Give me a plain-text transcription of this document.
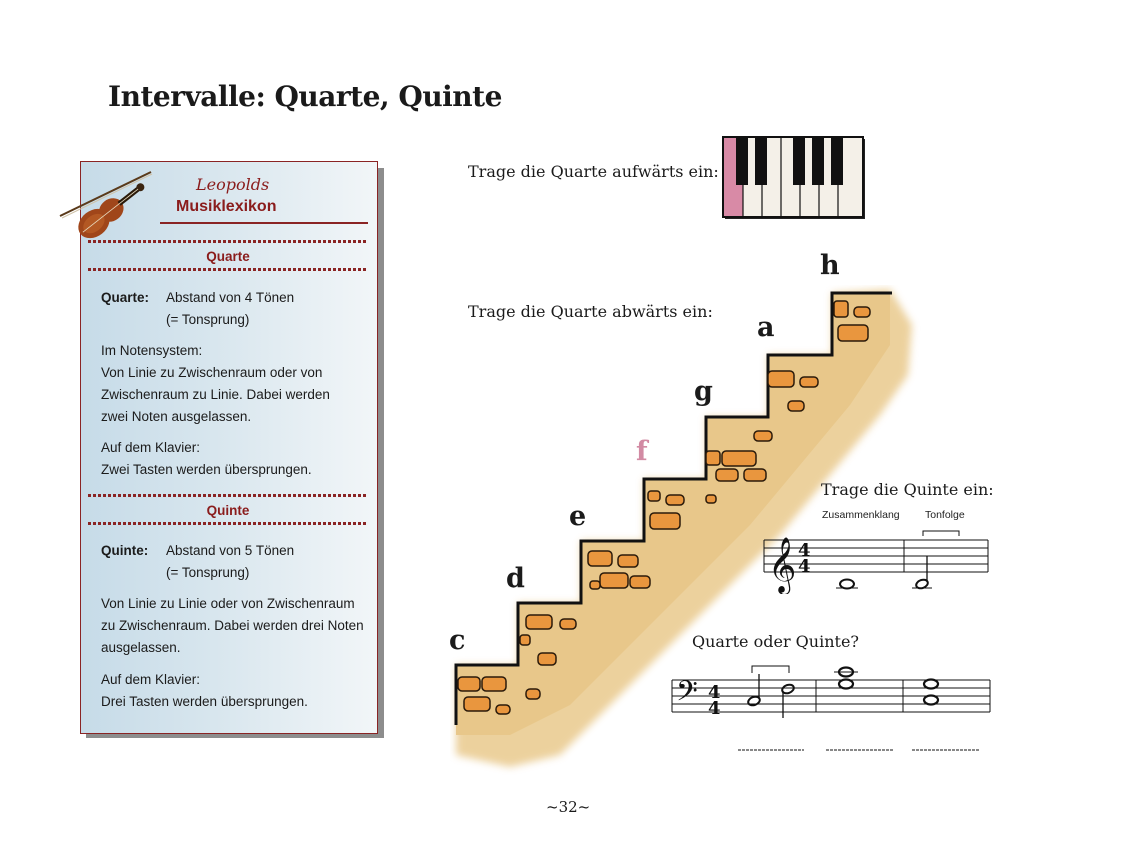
Intervalle: Quarte, Quinte
Leopolds
Musiklexikon
Quarte
Quarte: Abstand von 4 Tönen
(= Tonsprung)
Im Notensystem:
Von Linie zu Zwischenraum oder von
Zwischenraum zu Linie. Dabei werden
zwei Noten ausgelassen.
Auf dem Klavier:
Zwei Tasten werden übersprungen.
Quinte
Quinte: Abstand von 5 Tönen
(= Tonsprung)
Von Linie zu Linie oder von Zwischenraum
zu Zwischenraum. Dabei werden drei Noten
ausgelassen.
Auf dem Klavier:
Drei Tasten werden übersprungen.
Trage die Quarte aufwärts ein:
Trage die Quarte abwärts ein:
c
d
e
f
g
a
h
Trage die Quinte ein:
Zusammenklang Tonfolge
𝄞 4
4
Quarte oder Quinte?
𝄢 4
4
~32~
